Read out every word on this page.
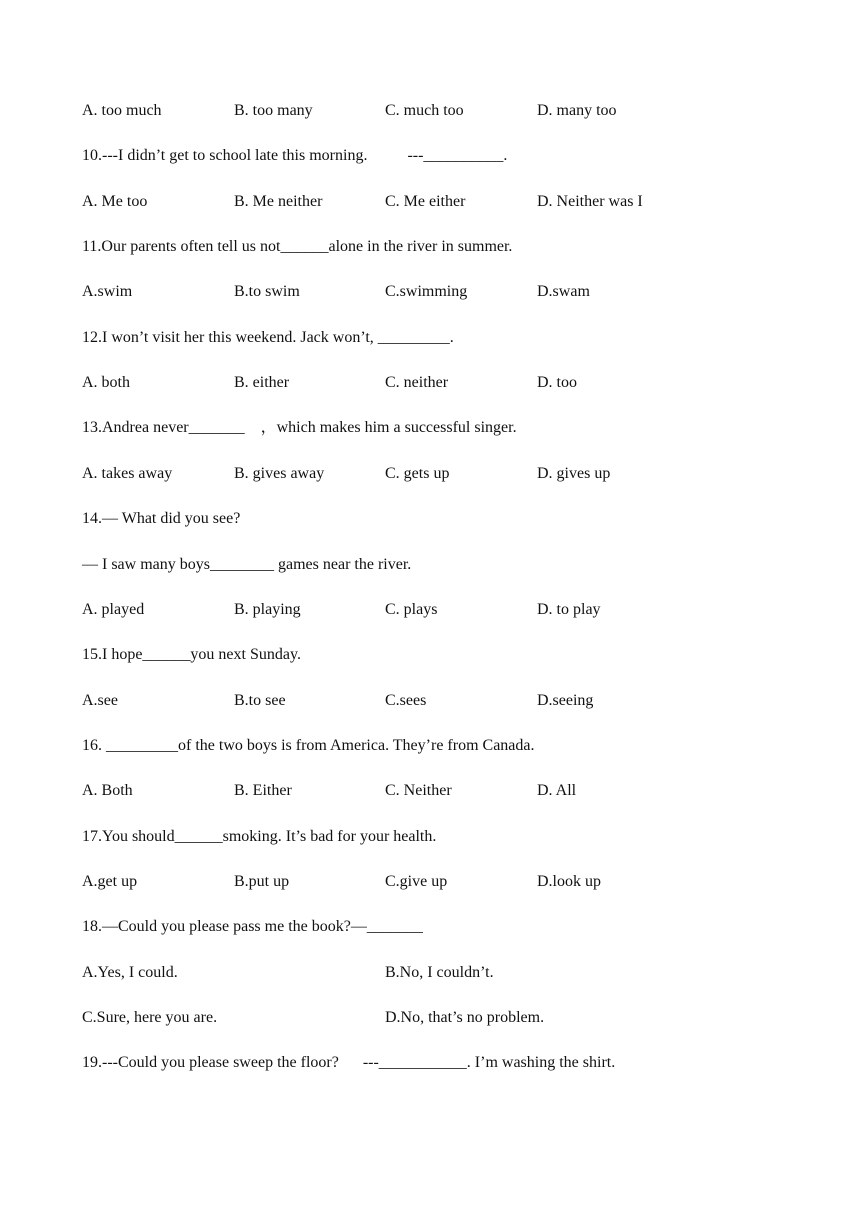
A. too much	B. too many	C. much too	D. many too
10.---I didn’t get to school late this morning.          ---__________.
A. Me too	B. Me neither	C. Me either	D. Neither was I
11.Our parents often tell us not______alone in the river in summer.
A.swim	B.to swim	C.swimming	D.swam
12.I won’t visit her this weekend. Jack won’t, _________.
A. both	B. either	C. neither	D. too
13.Andrea never_______    ，which makes him a successful singer.
A. takes away	B. gives away	C. gets up	D. gives up
14.— What did you see?
— I saw many boys________ games near the river.
A. played	B. playing	C. plays	D. to play
15.I hope______you next Sunday.
A.see	B.to see	C.sees	D.seeing
16. _________of the two boys is from America. They’re from Canada.
A. Both	B. Either	C. Neither	D. All
17.You should______smoking. It’s bad for your health.
A.get up	B.put up	C.give up	D.look up
18.—Could you please pass me the book?—_______
A.Yes, I could.	B.No, I couldn’t.
C.Sure, here you are.	D.No, that’s no problem.
19.---Could you please sweep the floor?      ---___________. I’m washing the shirt.
